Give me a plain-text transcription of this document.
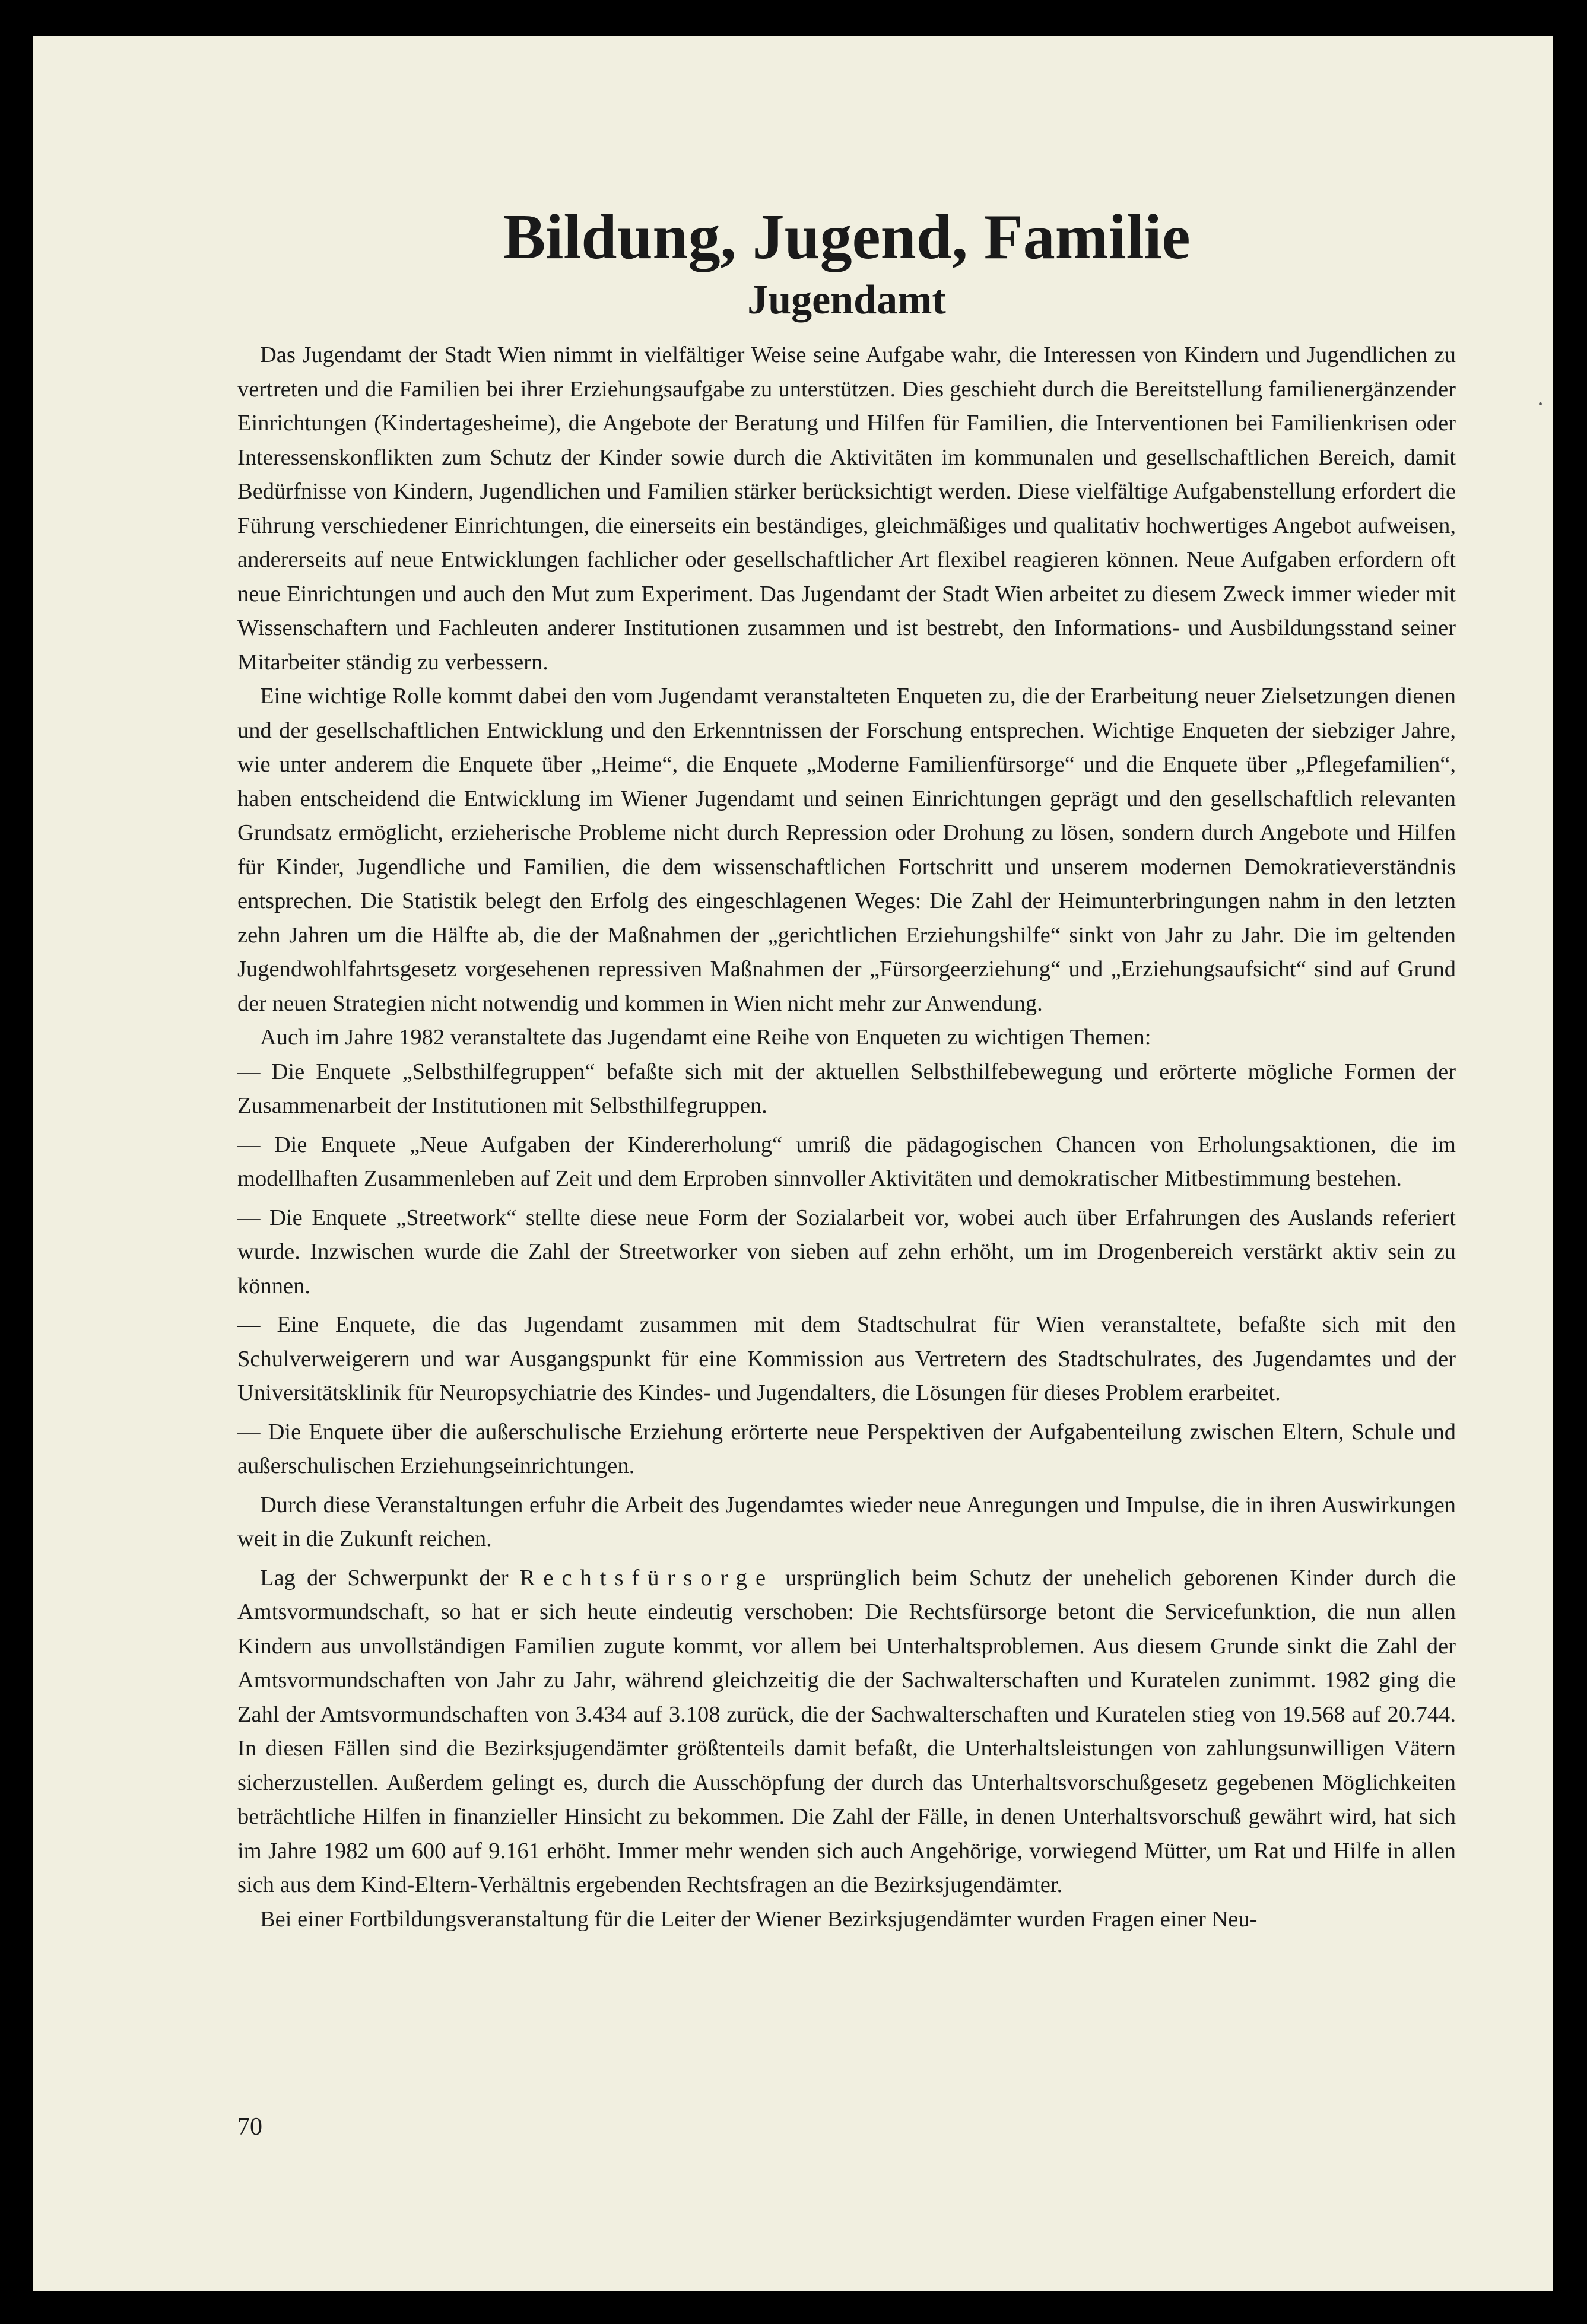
Bildung, Jugend, Familie
Jugendamt

Das Jugendamt der Stadt Wien nimmt in vielfältiger Weise seine Aufgabe wahr, die Interessen von Kindern und Jugendlichen zu vertreten und die Familien bei ihrer Erziehungsaufgabe zu unterstützen. Dies geschieht durch die Bereitstellung familienergänzender Einrichtungen (Kindertagesheime), die Angebote der Beratung und Hilfen für Familien, die Interventionen bei Familienkrisen oder Interessenskonflikten zum Schutz der Kinder sowie durch die Aktivitäten im kommunalen und gesellschaftlichen Bereich, damit Bedürfnisse von Kindern, Jugendlichen und Familien stärker berücksichtigt werden. Diese vielfältige Aufgabenstellung erfordert die Führung verschiedener Einrichtungen, die einerseits ein beständiges, gleichmäßiges und qualitativ hochwertiges Angebot aufweisen, andererseits auf neue Entwicklungen fachlicher oder gesellschaftlicher Art flexibel reagieren können. Neue Aufgaben erfordern oft neue Einrichtungen und auch den Mut zum Experiment. Das Jugendamt der Stadt Wien arbeitet zu diesem Zweck immer wieder mit Wissenschaftern und Fachleuten anderer Institutionen zusammen und ist bestrebt, den Informations- und Ausbildungsstand seiner Mitarbeiter ständig zu verbessern.

Eine wichtige Rolle kommt dabei den vom Jugendamt veranstalteten Enqueten zu, die der Erarbeitung neuer Zielsetzungen dienen und der gesellschaftlichen Entwicklung und den Erkenntnissen der Forschung entsprechen. Wichtige Enqueten der siebziger Jahre, wie unter anderem die Enquete über „Heime“, die Enquete „Moderne Familienfürsorge“ und die Enquete über „Pflegefamilien“, haben entscheidend die Entwicklung im Wiener Jugendamt und seinen Einrichtungen geprägt und den gesellschaftlich relevanten Grundsatz ermöglicht, erzieherische Probleme nicht durch Repression oder Drohung zu lösen, sondern durch Angebote und Hilfen für Kinder, Jugendliche und Familien, die dem wissenschaftlichen Fortschritt und unserem modernen Demokratieverständnis entsprechen. Die Statistik belegt den Erfolg des eingeschlagenen Weges: Die Zahl der Heimunterbringungen nahm in den letzten zehn Jahren um die Hälfte ab, die der Maßnahmen der „gerichtlichen Erziehungshilfe“ sinkt von Jahr zu Jahr. Die im geltenden Jugendwohlfahrtsgesetz vorgesehenen repressiven Maßnahmen der „Fürsorgeerziehung“ und „Erziehungsaufsicht“ sind auf Grund der neuen Strategien nicht notwendig und kommen in Wien nicht mehr zur Anwendung.

Auch im Jahre 1982 veranstaltete das Jugendamt eine Reihe von Enqueten zu wichtigen Themen:

— Die Enquete „Selbsthilfegruppen“ befaßte sich mit der aktuellen Selbsthilfebewegung und erörterte mögliche Formen der Zusammenarbeit der Institutionen mit Selbsthilfegruppen.

— Die Enquete „Neue Aufgaben der Kindererholung“ umriß die pädagogischen Chancen von Erholungsaktionen, die im modellhaften Zusammenleben auf Zeit und dem Erproben sinnvoller Aktivitäten und demokratischer Mitbestimmung bestehen.

— Die Enquete „Streetwork“ stellte diese neue Form der Sozialarbeit vor, wobei auch über Erfahrungen des Auslands referiert wurde. Inzwischen wurde die Zahl der Streetworker von sieben auf zehn erhöht, um im Drogenbereich verstärkt aktiv sein zu können.

— Eine Enquete, die das Jugendamt zusammen mit dem Stadtschulrat für Wien veranstaltete, befaßte sich mit den Schulverweigerern und war Ausgangspunkt für eine Kommission aus Vertretern des Stadtschulrates, des Jugendamtes und der Universitätsklinik für Neuropsychiatrie des Kindes- und Jugendalters, die Lösungen für dieses Problem erarbeitet.

— Die Enquete über die außerschulische Erziehung erörterte neue Perspektiven der Aufgabenteilung zwischen Eltern, Schule und außerschulischen Erziehungseinrichtungen.

Durch diese Veranstaltungen erfuhr die Arbeit des Jugendamtes wieder neue Anregungen und Impulse, die in ihren Auswirkungen weit in die Zukunft reichen.

Lag der Schwerpunkt der Rechtsfürsorge ursprünglich beim Schutz der unehelich geborenen Kinder durch die Amtsvormundschaft, so hat er sich heute eindeutig verschoben: Die Rechtsfürsorge betont die Servicefunktion, die nun allen Kindern aus unvollständigen Familien zugute kommt, vor allem bei Unterhaltsproblemen. Aus diesem Grunde sinkt die Zahl der Amtsvormundschaften von Jahr zu Jahr, während gleichzeitig die der Sachwalterschaften und Kuratelen zunimmt. 1982 ging die Zahl der Amtsvormundschaften von 3.434 auf 3.108 zurück, die der Sachwalterschaften und Kuratelen stieg von 19.568 auf 20.744. In diesen Fällen sind die Bezirksjugendämter größtenteils damit befaßt, die Unterhaltsleistungen von zahlungsunwilligen Vätern sicherzustellen. Außerdem gelingt es, durch die Ausschöpfung der durch das Unterhaltsvorschußgesetz gegebenen Möglichkeiten beträchtliche Hilfen in finanzieller Hinsicht zu bekommen. Die Zahl der Fälle, in denen Unterhaltsvorschuß gewährt wird, hat sich im Jahre 1982 um 600 auf 9.161 erhöht. Immer mehr wenden sich auch Angehörige, vorwiegend Mütter, um Rat und Hilfe in allen sich aus dem Kind-Eltern-Verhältnis ergebenden Rechtsfragen an die Bezirksjugendämter.

Bei einer Fortbildungsveranstaltung für die Leiter der Wiener Bezirksjugendämter wurden Fragen einer Neu-

70
